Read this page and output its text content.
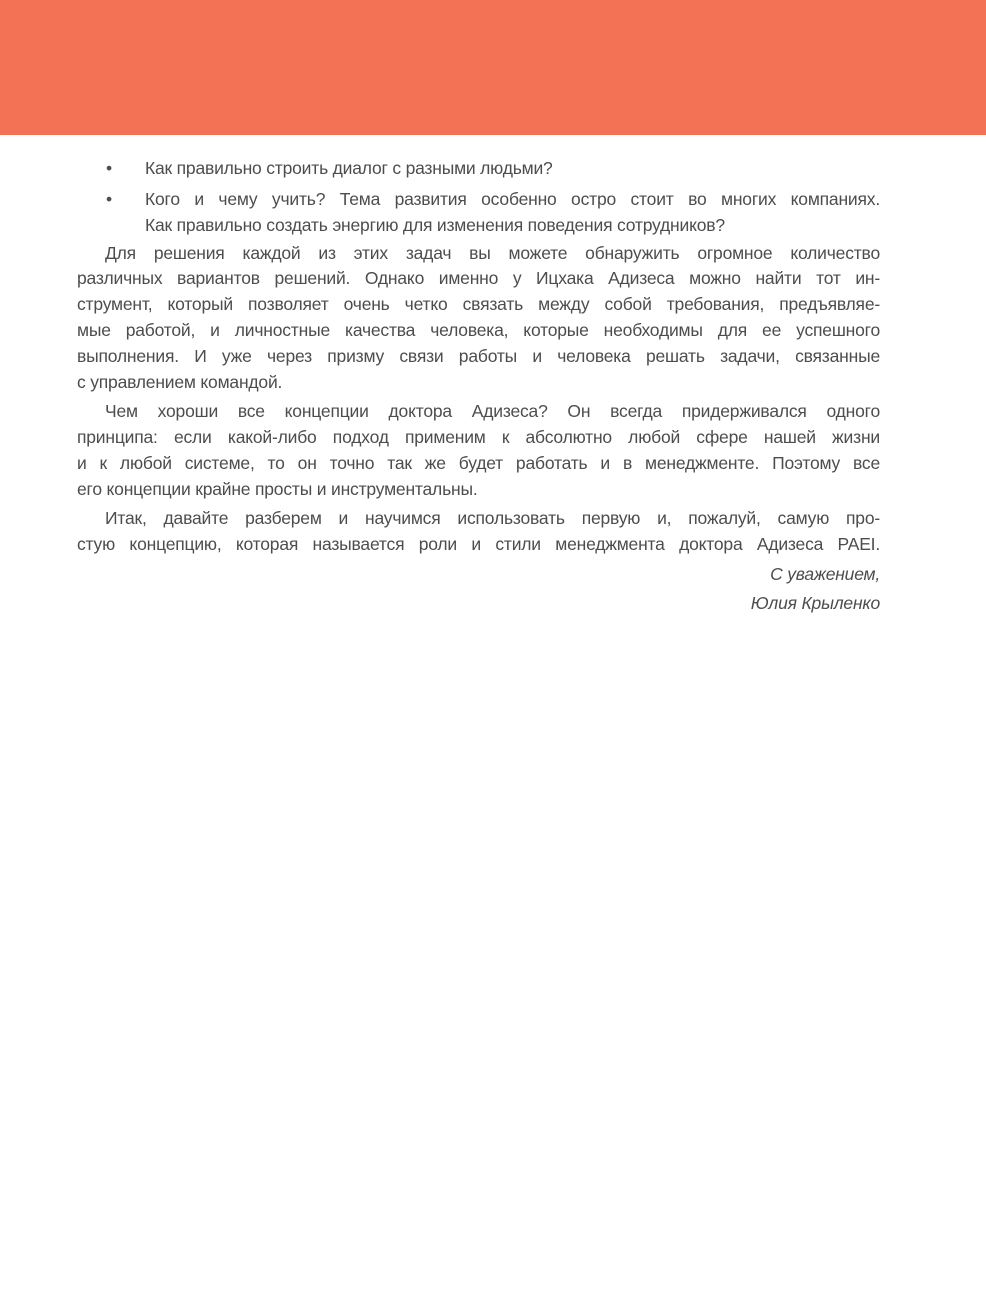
• Как правильно строить диалог с разными людьми?
• Кого и чему учить? Тема развития особенно остро стоит во многих компаниях.
Как правильно создать энергию для изменения поведения сотрудников?
Для решения каждой из этих задач вы можете обнаружить огромное количество
различных вариантов решений. Однако именно у Ицхака Адизеса можно найти тот ин-
струмент, который позволяет очень четко связать между собой требования, предъявляе-
мые работой, и личностные качества человека, которые необходимы для ее успешного
выполнения. И уже через призму связи работы и человека решать задачи, связанные
с управлением командой.
Чем хороши все концепции доктора Адизеса? Он всегда придерживался одного
принципа: если какой-либо подход применим к абсолютно любой сфере нашей жизни
и к любой системе, то он точно так же будет работать и в менеджменте. Поэтому все
его концепции крайне просты и инструментальны.
Итак, давайте разберем и научимся использовать первую и, пожалуй, самую про-
стую концепцию, которая называется роли и стили менеджмента доктора Адизеса PAEI.
С уважением,
Юлия Крыленко
